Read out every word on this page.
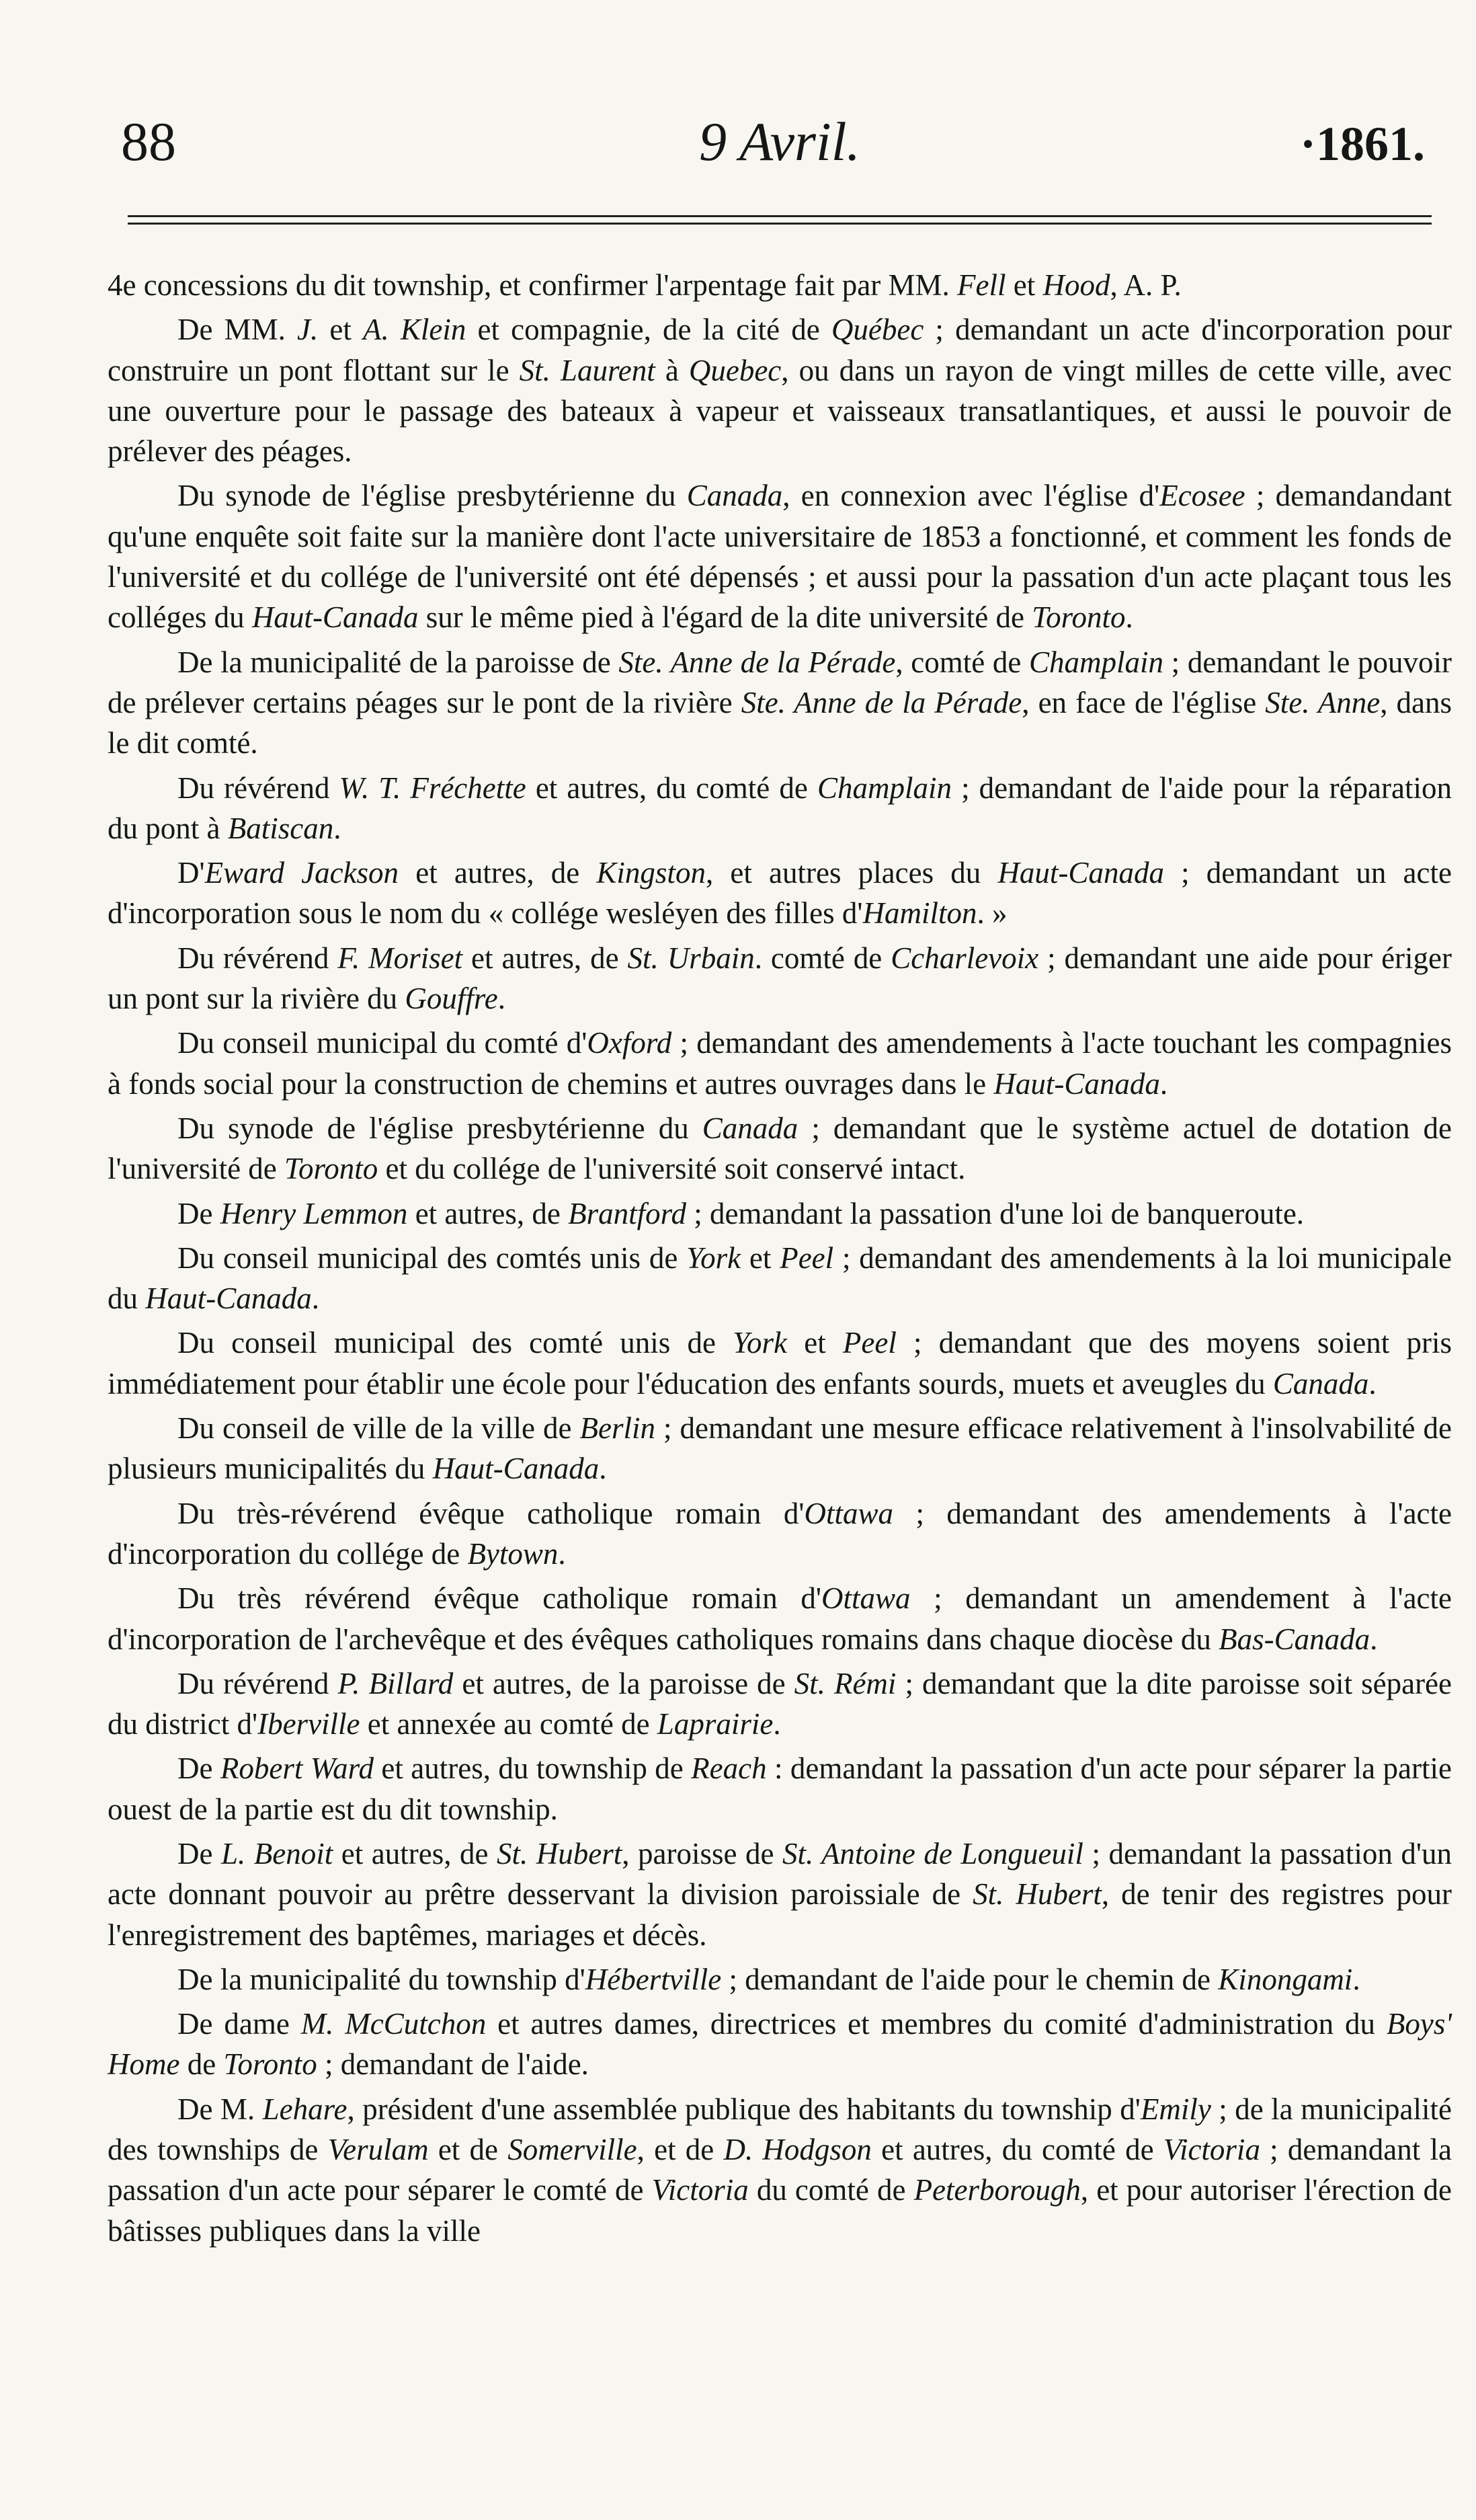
88	9 Avril.	·1861.

4e concessions du dit township, et confirmer l'arpentage fait par MM. Fell et Hood, A. P.

De MM. J. et A. Klein et compagnie, de la cité de Québec ; demandant un acte d'incorporation pour construire un pont flottant sur le St. Laurent à Quebec, ou dans un rayon de vingt milles de cette ville, avec une ouverture pour le passage des bateaux à vapeur et vaisseaux transatlantiques, et aussi le pouvoir de prélever des péages.

Du synode de l'église presbytérienne du Canada, en connexion avec l'église d'Ecosee ; demandandant qu'une enquête soit faite sur la manière dont l'acte universitaire de 1853 a fonctionné, et comment les fonds de l'université et du collége de l'université ont été dépensés ; et aussi pour la passation d'un acte plaçant tous les colléges du Haut-Canada sur le même pied à l'égard de la dite université de Toronto.

De la municipalité de la paroisse de Ste. Anne de la Pérade, comté de Champlain ; demandant le pouvoir de prélever certains péages sur le pont de la rivière Ste. Anne de la Pérade, en face de l'église Ste. Anne, dans le dit comté.

Du révérend W. T. Fréchette et autres, du comté de Champlain ; demandant de l'aide pour la réparation du pont à Batiscan.

D'Eward Jackson et autres, de Kingston, et autres places du Haut-Canada ; demandant un acte d'incorporation sous le nom du « collége wesléyen des filles d'Hamilton. »

Du révérend F. Moriset et autres, de St. Urbain. comté de Ccharlevoix ; demandant une aide pour ériger un pont sur la rivière du Gouffre.

Du conseil municipal du comté d'Oxford ; demandant des amendements à l'acte touchant les compagnies à fonds social pour la construction de chemins et autres ouvrages dans le Haut-Canada.

Du synode de l'église presbytérienne du Canada ; demandant que le système actuel de dotation de l'université de Toronto et du collége de l'université soit conservé intact.

De Henry Lemmon et autres, de Brantford ; demandant la passation d'une loi de banqueroute.

Du conseil municipal des comtés unis de York et Peel ; demandant des amendements à la loi municipale du Haut-Canada.

Du conseil municipal des comté unis de York et Peel ; demandant que des moyens soient pris immédiatement pour établir une école pour l'éducation des enfants sourds, muets et aveugles du Canada.

Du conseil de ville de la ville de Berlin ; demandant une mesure efficace relativement à l'insolvabilité de plusieurs municipalités du Haut-Canada.

Du très-révérend évêque catholique romain d'Ottawa ; demandant des amendements à l'acte d'incorporation du collége de Bytown.

Du très révérend évêque catholique romain d'Ottawa ; demandant un amendement à l'acte d'incorporation de l'archevêque et des évêques catholiques romains dans chaque diocèse du Bas-Canada.

Du révérend P. Billard et autres, de la paroisse de St. Rémi ; demandant que la dite paroisse soit séparée du district d'Iberville et annexée au comté de Laprairie.

De Robert Ward et autres, du township de Reach : demandant la passation d'un acte pour séparer la partie ouest de la partie est du dit township.

De L. Benoit et autres, de St. Hubert, paroisse de St. Antoine de Longueuil ; demandant la passation d'un acte donnant pouvoir au prêtre desservant la division paroissiale de St. Hubert, de tenir des registres pour l'enregistrement des baptêmes, mariages et décès.

De la municipalité du township d'Hébertville ; demandant de l'aide pour le chemin de Kinongami.

De dame M. McCutchon et autres dames, directrices et membres du comité d'administration du Boys' Home de Toronto ; demandant de l'aide.

De M. Lehare, président d'une assemblée publique des habitants du township d'Emily ; de la municipalité des townships de Verulam et de Somerville, et de D. Hodgson et autres, du comté de Victoria ; demandant la passation d'un acte pour séparer le comté de Victoria du comté de Peterborough, et pour autoriser l'érection de bâtisses publiques dans la ville
